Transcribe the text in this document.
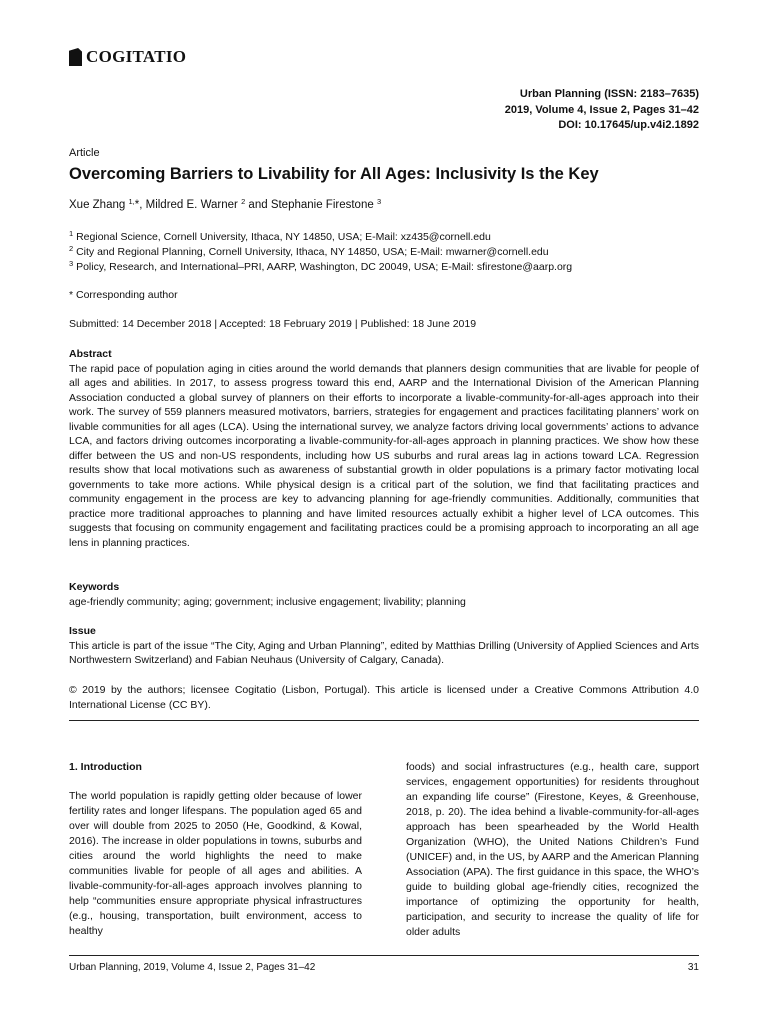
COGITATIO
Urban Planning (ISSN: 2183–7635)
2019, Volume 4, Issue 2, Pages 31–42
DOI: 10.17645/up.v4i2.1892
Article
Overcoming Barriers to Livability for All Ages: Inclusivity Is the Key
Xue Zhang $^{1,}$*, Mildred E. Warner $^2$ and Stephanie Firestone $^3$
$^1$ Regional Science, Cornell University, Ithaca, NY 14850, USA; E-Mail: xz435@cornell.edu
$^2$ City and Regional Planning, Cornell University, Ithaca, NY 14850, USA; E-Mail: mwarner@cornell.edu
$^3$ Policy, Research, and International–PRI, AARP, Washington, DC 20049, USA; E-Mail: sfirestone@aarp.org
* Corresponding author
Submitted: 14 December 2018 | Accepted: 18 February 2019 | Published: 18 June 2019
Abstract

The rapid pace of population aging in cities around the world demands that planners design communities that are livable for people of all ages and abilities. In 2017, to assess progress toward this end, AARP and the International Division of the American Planning Association conducted a global survey of planners on their efforts to incorporate a livable-community-for-all-ages approach into their work. The survey of 559 planners measured motivators, barriers, strategies for engagement and practices facilitating planners’ work on livable communities for all ages (LCA). Using the international survey, we analyze factors driving local governments’ actions to advance LCA, and factors driving outcomes incorporating a livable-community-for-all-ages approach in planning practices. We show how these differ between the US and non-US respondents, including how US suburbs and rural areas lag in actions toward LCA. Regression results show that local motivations such as awareness of substantial growth in older populations is a primary factor motivating local governments to take more actions. While physical design is a critical part of the solution, we find that facilitating practices and community engagement in the process are key to advancing planning for age-friendly communities. Additionally, communities that practice more traditional approaches to planning and have limited resources actually exhibit a higher level of LCA outcomes. This suggests that focusing on community engagement and facilitating practices could be a promising approach to incorporating an all age lens in planning practices.

Keywords

age-friendly community; aging; government; inclusive engagement; livability; planning

Issue

This article is part of the issue “The City, Aging and Urban Planning”, edited by Matthias Drilling (University of Applied Sciences and Arts Northwestern Switzerland) and Fabian Neuhaus (University of Calgary, Canada).

© 2019 by the authors; licensee Cogitatio (Lisbon, Portugal). This article is licensed under a Creative Commons Attribution 4.0 International License (CC BY).

1. Introduction

The world population is rapidly getting older because of lower fertility rates and longer lifespans. The population aged 65 and over will double from 2025 to 2050 (He, Goodkind, & Kowal, 2016). The increase in older populations in towns, suburbs and cities around the world highlights the need to make communities livable for people of all ages and abilities. A livable-community-for-all-ages approach involves planning to help “communities ensure appropriate physical infrastructures (e.g., housing, transportation, built environment, access to healthy

foods) and social infrastructures (e.g., health care, support services, engagement opportunities) for residents throughout an expanding life course” (Firestone, Keyes, & Greenhouse, 2018, p. 20). The idea behind a livable-community-for-all-ages approach has been spearheaded by the World Health Organization (WHO), the United Nations Children’s Fund (UNICEF) and, in the US, by AARP and the American Planning Association (APA). The first guidance in this space, the WHO’s guide to building global age-friendly cities, recognized the importance of optimizing the opportunity for health, participation, and security to increase the quality of life for older adults

Urban Planning, 2019, Volume 4, Issue 2, Pages 31–42	31
